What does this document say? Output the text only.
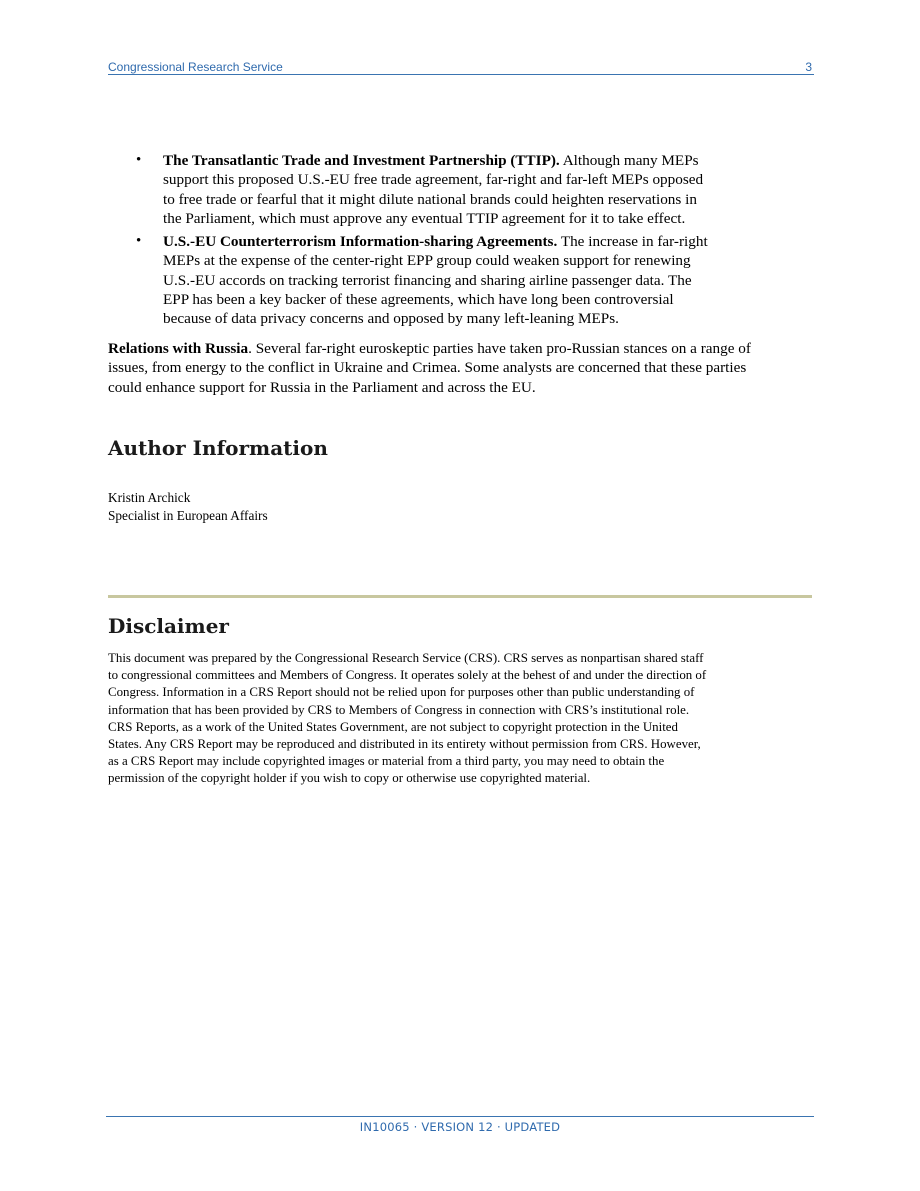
Congressional Research Service	3
• The Transatlantic Trade and Investment Partnership (TTIP). Although many MEPs
support this proposed U.S.-EU free trade agreement, far-right and far-left MEPs opposed
to free trade or fearful that it might dilute national brands could heighten reservations in
the Parliament, which must approve any eventual TTIP agreement for it to take effect.
• U.S.-EU Counterterrorism Information-sharing Agreements. The increase in far-right
MEPs at the expense of the center-right EPP group could weaken support for renewing
U.S.-EU accords on tracking terrorist financing and sharing airline passenger data. The
EPP has been a key backer of these agreements, which have long been controversial
because of data privacy concerns and opposed by many left-leaning MEPs.

Relations with Russia. Several far-right euroskeptic parties have taken pro-Russian stances on a range of
issues, from energy to the conflict in Ukraine and Crimea. Some analysts are concerned that these parties
could enhance support for Russia in the Parliament and across the EU.

Author Information
Kristin Archick
Specialist in European Affairs
Disclaimer

This document was prepared by the Congressional Research Service (CRS). CRS serves as nonpartisan shared staff
to congressional committees and Members of Congress. It operates solely at the behest of and under the direction of
Congress. Information in a CRS Report should not be relied upon for purposes other than public understanding of
information that has been provided by CRS to Members of Congress in connection with CRS’s institutional role.
CRS Reports, as a work of the United States Government, are not subject to copyright protection in the United
States. Any CRS Report may be reproduced and distributed in its entirety without permission from CRS. However,
as a CRS Report may include copyrighted images or material from a third party, you may need to obtain the
permission of the copyright holder if you wish to copy or otherwise use copyrighted material.

IN10065 · VERSION 12 · UPDATED
